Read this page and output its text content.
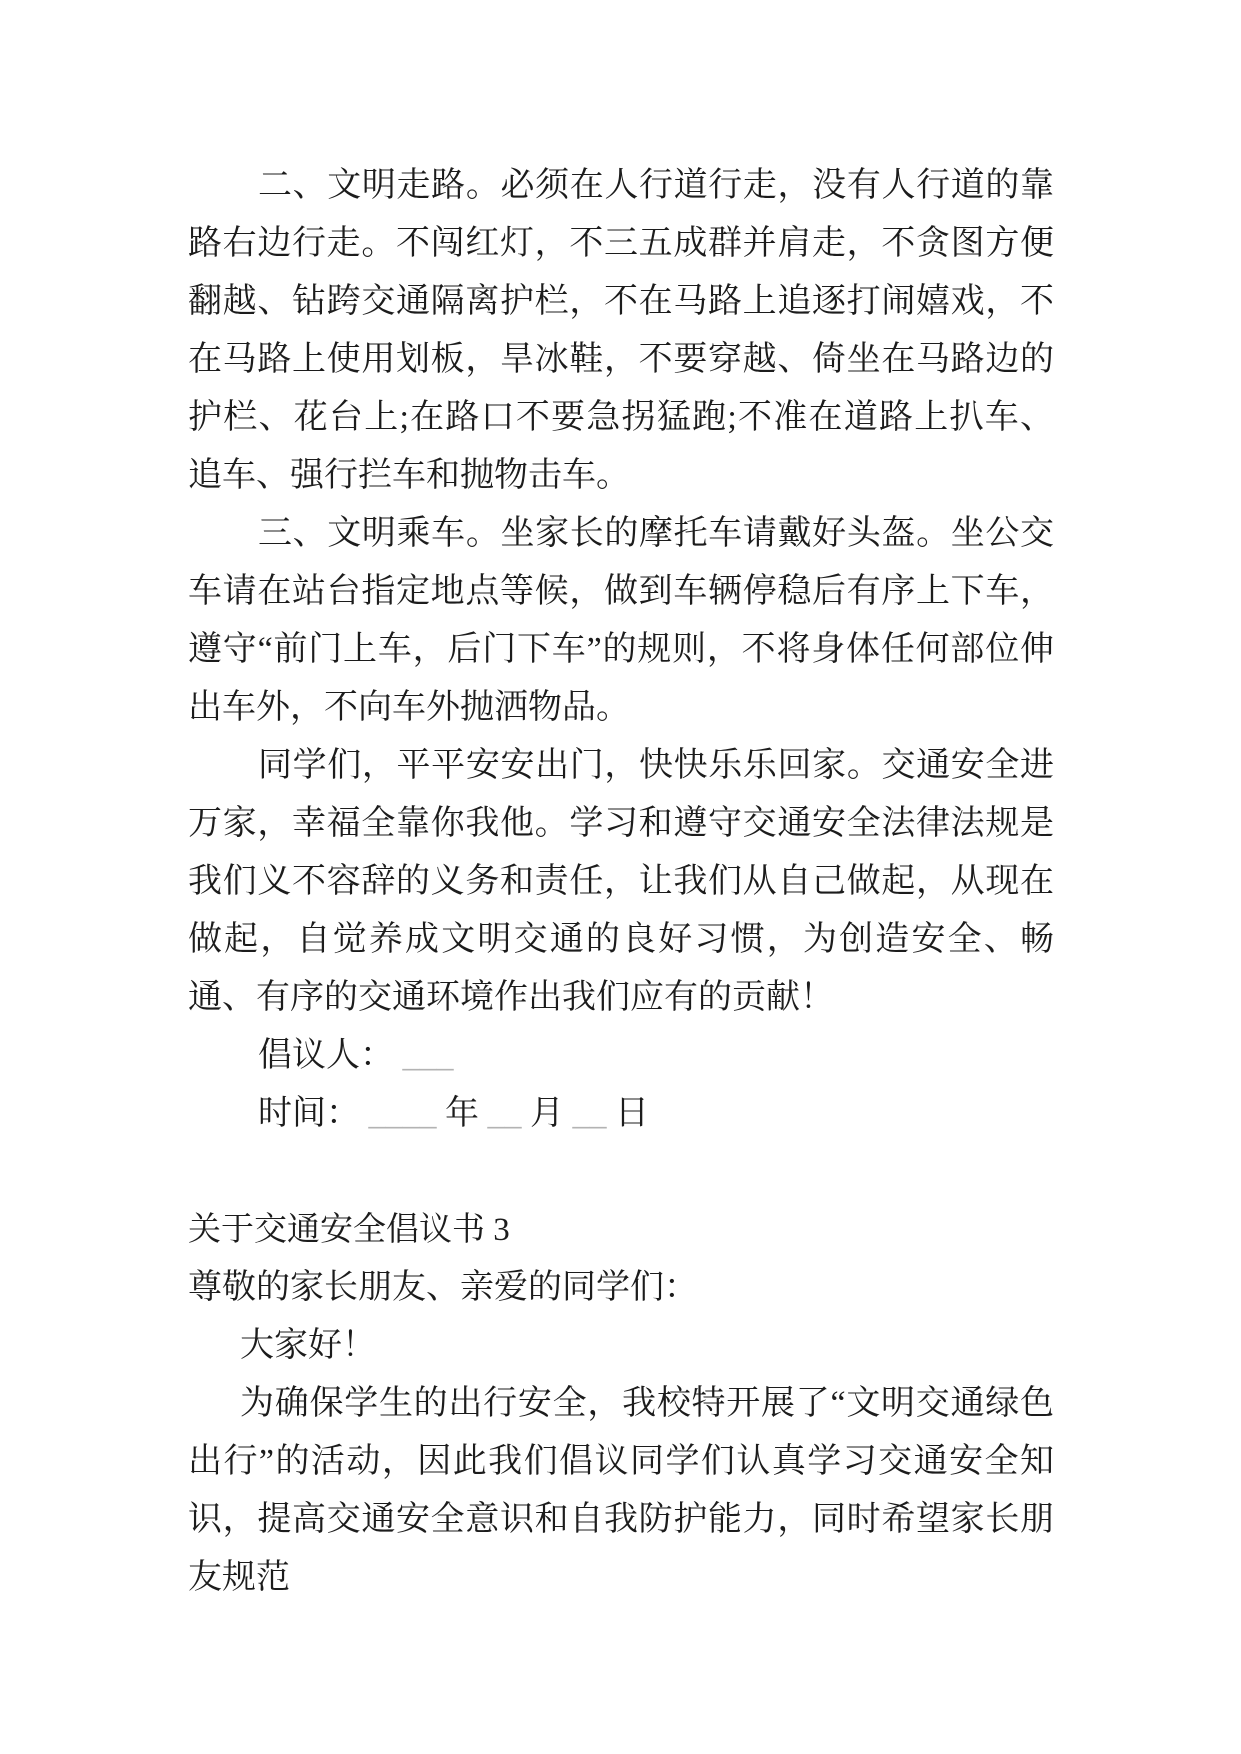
二、文明走路。必须在人行道行走，没有人行道的靠路右边行走。不闯红灯，不三五成群并肩走，不贪图方便翻越、钻跨交通隔离护栏，不在马路上追逐打闹嬉戏，不在马路上使用划板，旱冰鞋，不要穿越、倚坐在马路边的护栏、花台上;在路口不要急拐猛跑;不准在道路上扒车、追车、强行拦车和抛物击车。

三、文明乘车。坐家长的摩托车请戴好头盔。坐公交车请在站台指定地点等候，做到车辆停稳后有序上下车，遵守“前门上车，后门下车”的规则，不将身体任何部位伸出车外，不向车外抛洒物品。

同学们，平平安安出门，快快乐乐回家。交通安全进万家，幸福全靠你我他。学习和遵守交通安全法律法规是我们义不容辞的义务和责任，让我们从自己做起，从现在做起，自觉养成文明交通的良好习惯，为创造安全、畅通、有序的交通环境作出我们应有的贡献！

倡议人： ___

时间： ____ 年 __ 月 __ 日

关于交通安全倡议书 3

尊敬的家长朋友、亲爱的同学们：

大家好！

为确保学生的出行安全，我校特开展了“文明交通绿色出行”的活动，因此我们倡议同学们认真学习交通安全知识，提高交通安全意识和自我防护能力，同时希望家长朋友规范
